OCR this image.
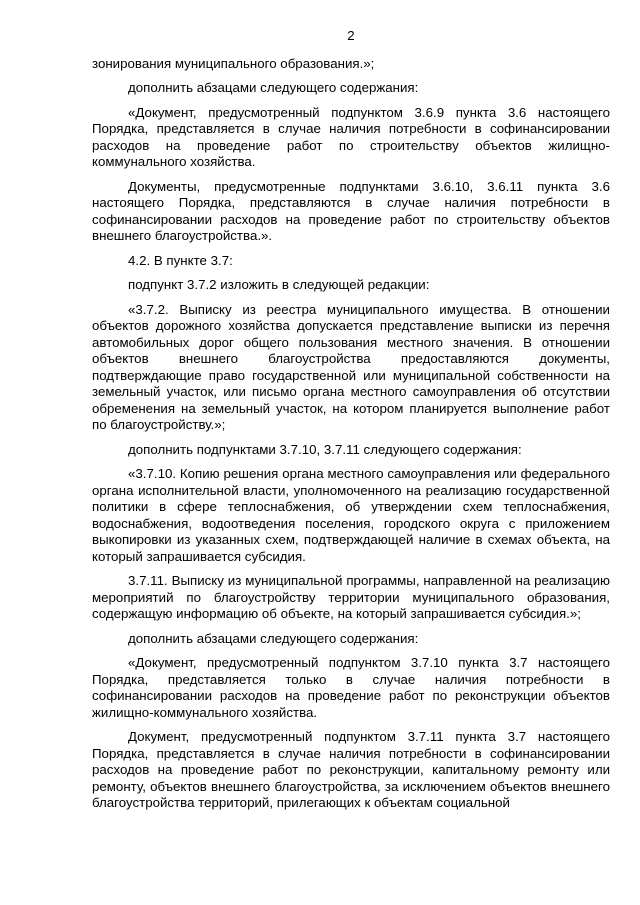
2

зонирования муниципального образования.»;

дополнить абзацами следующего содержания:

«Документ, предусмотренный подпунктом 3.6.9 пункта 3.6 настоящего Порядка, представляется в случае наличия потребности в софинансировании расходов на проведение работ по строительству объектов жилищно-коммунального хозяйства.

Документы, предусмотренные подпунктами 3.6.10, 3.6.11 пункта 3.6 настоящего Порядка, представляются в случае наличия потребности в софинансировании расходов на проведение работ по строительству объектов внешнего благоустройства.».

4.2. В пункте 3.7:

подпункт 3.7.2 изложить в следующей редакции:

«3.7.2. Выписку из реестра муниципального имущества. В отношении объектов дорожного хозяйства допускается представление выписки из перечня автомобильных дорог общего пользования местного значения. В отношении объектов внешнего благоустройства предоставляются документы, подтверждающие право государственной или муниципальной собственности на земельный участок, или письмо органа местного самоуправления об отсутствии обременения на земельный участок, на котором планируется выполнение работ по благоустройству.»;

дополнить подпунктами 3.7.10, 3.7.11 следующего содержания:

«3.7.10. Копию решения органа местного самоуправления или федерального органа исполнительной власти, уполномоченного на реализацию государственной политики в сфере теплоснабжения, об утверждении схем теплоснабжения, водоснабжения, водоотведения поселения, городского округа с приложением выкопировки из указанных схем, подтверждающей наличие в схемах объекта, на который запрашивается субсидия.

3.7.11. Выписку из муниципальной программы, направленной на реализацию мероприятий по благоустройству территории муниципального образования, содержащую информацию об объекте, на который запрашивается субсидия.»;

дополнить абзацами следующего содержания:

«Документ, предусмотренный подпунктом 3.7.10 пункта 3.7 настоящего Порядка, представляется только в случае наличия потребности в софинансировании расходов на проведение работ по реконструкции объектов жилищно-коммунального хозяйства.

Документ, предусмотренный подпунктом 3.7.11 пункта 3.7 настоящего Порядка, представляется в случае наличия потребности в софинансировании расходов на проведение работ по реконструкции, капитальному ремонту или ремонту, объектов внешнего благоустройства, за исключением объектов внешнего благоустройства территорий, прилегающих к объектам социальной
